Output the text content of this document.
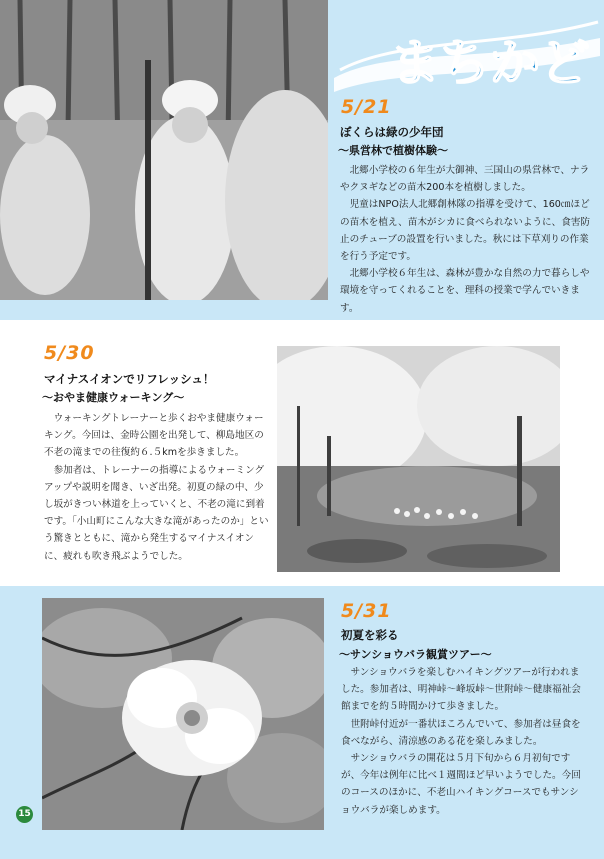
まちかど
5/21
ぼくらは緑の少年団
～県営林で植樹体験～

北郷小学校の６年生が大御神、三国山の県営林で、ナラやクヌギなどの苗木200本を植樹しました。

児童はNPO法人北郷創林隊の指導を受けて、160㎝ほどの苗木を植え、苗木がシカに食べられないように、食害防止のチューブの設置を行いました。秋には下草刈りの作業を行う予定です。

北郷小学校６年生は、森林が豊かな自然の力で暮らしや環境を守ってくれることを、理科の授業で学んでいきます。

5/30
マイナスイオンでリフレッシュ！
～おやま健康ウォーキング～

ウォーキングトレーナーと歩くおやま健康ウォーキング。今回は、金時公園を出発して、柳島地区の不老の滝までの往復約６.５kmを歩きました。

参加者は、トレーナーの指導によるウォーミングアップや説明を聞き、いざ出発。初夏の緑の中、少し坂がきつい林道を上っていくと、不老の滝に到着です。「小山町にこんな大きな滝があったのか」という驚きとともに、滝から発生するマイナスイオンに、疲れも吹き飛ぶようでした。

5/31
初夏を彩る
～サンショウバラ観賞ツアー～

サンショウバラを楽しむハイキングツアーが行われました。参加者は、明神峠～峰坂峠～世附峠～健康福祉会館までを約５時間かけて歩きました。

世附峠付近が一番状ほころんでいて、参加者は昼食を食べながら、清涼感のある花を楽しみました。

サンショウバラの開花は５月下旬から６月初旬ですが、今年は例年に比べ１週間ほど早いようでした。今回のコースのほかに、不老山ハイキングコースでもサンショウバラが楽しめます。

15
